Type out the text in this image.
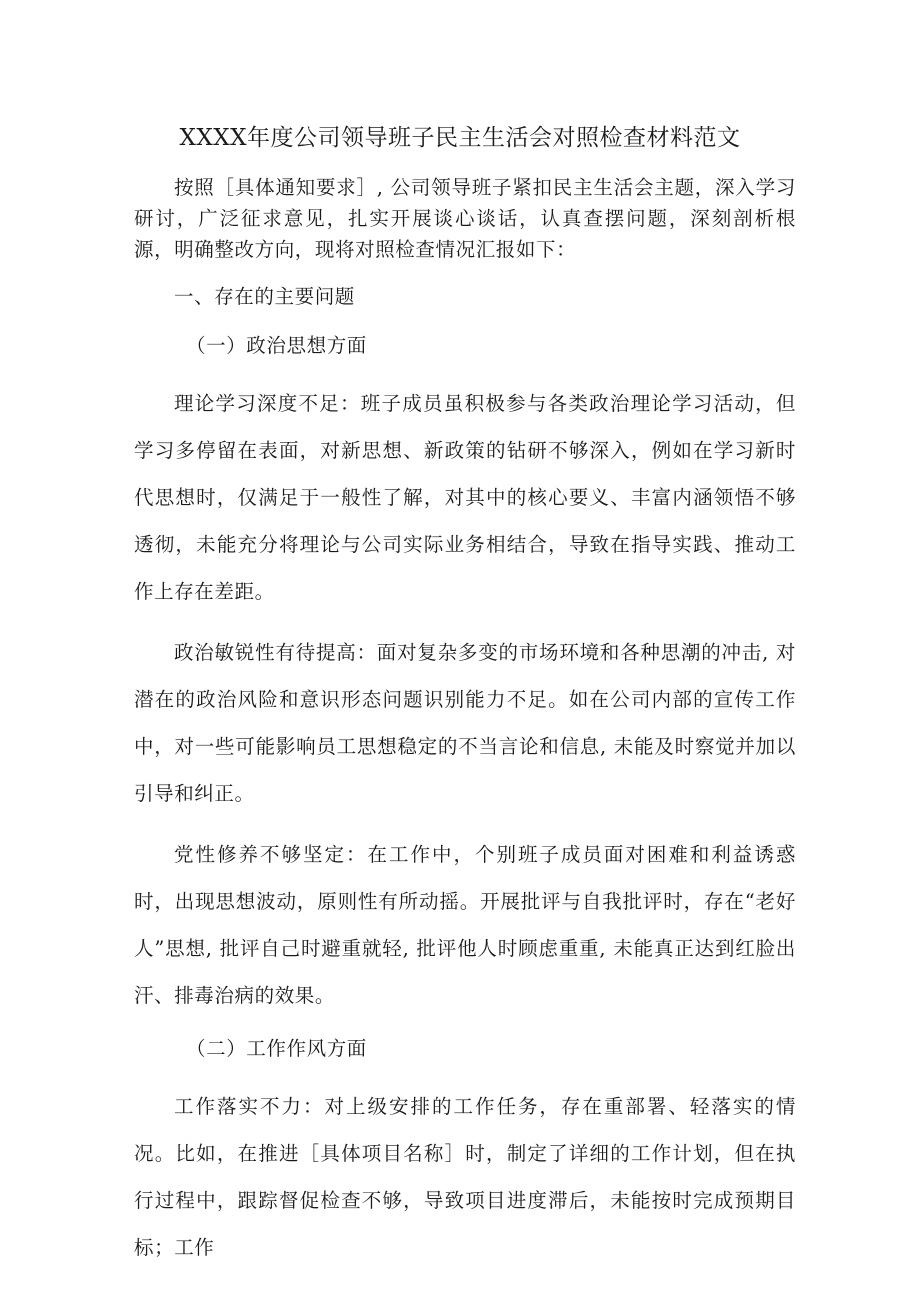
XXXX年度公司领导班子民主生活会对照检查材料范文

按照［具体通知要求］, 公司领导班子紧扣民主生活会主题，深入学习研讨，广泛征求意见，扎实开展谈心谈话，认真查摆问题，深刻剖析根源，明确整改方向，现将对照检查情况汇报如下：

一、存在的主要问题

（一）政治思想方面

理论学习深度不足：班子成员虽积极参与各类政治理论学习活动，但学习多停留在表面，对新思想、新政策的钻研不够深入，例如在学习新时代思想时，仅满足于一般性了解，对其中的核心要义、丰富内涵领悟不够透彻，未能充分将理论与公司实际业务相结合，导致在指导实践、推动工作上存在差距。

政治敏锐性有待提高：面对复杂多变的市场环境和各种思潮的冲击, 对潜在的政治风险和意识形态问题识别能力不足。如在公司内部的宣传工作中，对一些可能影响员工思想稳定的不当言论和信息, 未能及时察觉并加以引导和纠正。

党性修养不够坚定：在工作中，个别班子成员面对困难和利益诱惑时，出现思想波动，原则性有所动摇。开展批评与自我批评时，存在“老好人”思想, 批评自己时避重就轻, 批评他人时顾虑重重, 未能真正达到红脸出汗、排毒治病的效果。

（二）工作作风方面

工作落实不力：对上级安排的工作任务，存在重部署、轻落实的情况。比如，在推进［具体项目名称］时，制定了详细的工作计划，但在执行过程中，跟踪督促检查不够，导致项目进度滞后，未能按时完成预期目标；工作
